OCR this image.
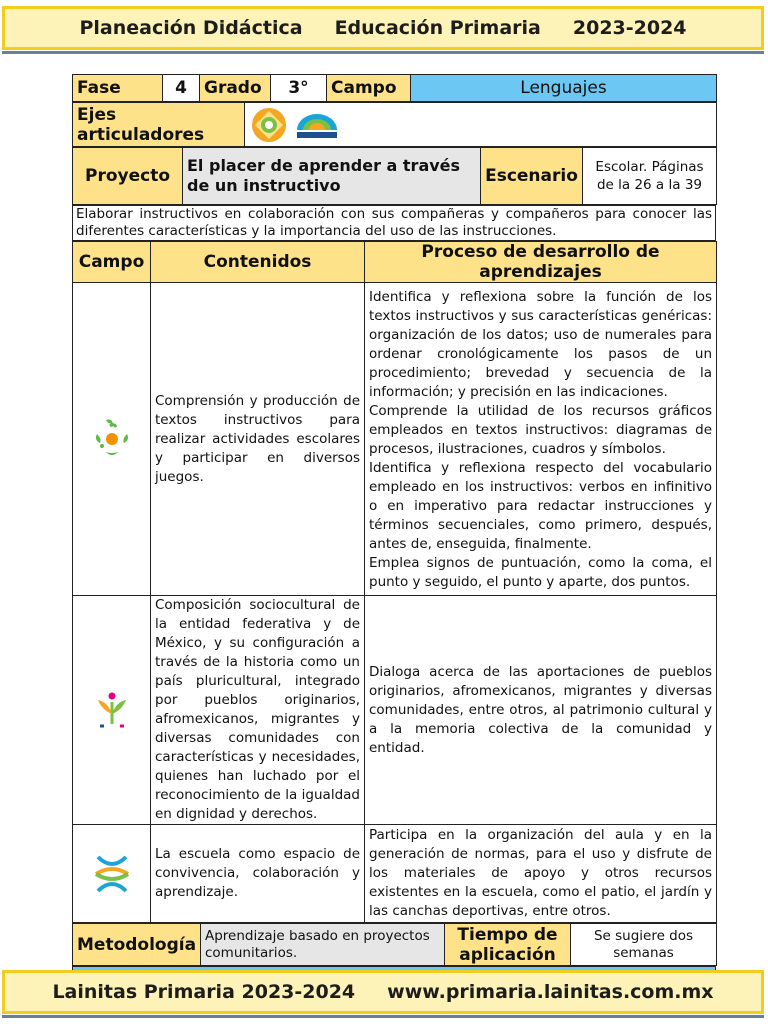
Planeación Didáctica Educación Primaria 2023-2024
Fase	4	Grado	3°	Campo	Lenguajes
Ejes articuladores	
Proyecto	El placer de aprender a través de un instructivo	Escenario	Escolar. Páginas de la 26 a la 39
Elaborar instructivos en colaboración con sus compañeras y compañeros para conocer las diferentes características y la importancia del uso de las instrucciones.
Campo	Contenidos	Proceso de desarrollo de aprendizajes

	Comprensión y producción de textos instructivos para realizar actividades escolares y participar en diversos juegos.	Identifica y reflexiona sobre la función de los textos instructivos y sus características genéricas: organización de los datos; uso de numerales para ordenar cronológicamente los pasos de un procedimiento; brevedad y secuencia de la información; y precisión en las indicaciones.
Comprende la utilidad de los recursos gráficos empleados en textos instructivos: diagramas de procesos, ilustraciones, cuadros y símbolos.
Identifica y reflexiona respecto del vocabulario empleado en los instructivos: verbos en infinitivo o en imperativo para redactar instrucciones y términos secuenciales, como primero, después, antes de, enseguida, finalmente.
Emplea signos de puntuación, como la coma, el punto y seguido, el punto y aparte, dos puntos.

	Composición sociocultural de la entidad federativa y de México, y su configuración a través de la historia como un país pluricultural, integrado por pueblos originarios, afromexicanos, migrantes y diversas comunidades con características y necesidades, quienes han luchado por el reconocimiento de la igualdad en dignidad y derechos.	Dialoga acerca de las aportaciones de pueblos originarios, afromexicanos, migrantes y diversas comunidades, entre otros, al patrimonio cultural y a la memoria colectiva de la comunidad y entidad.

	La escuela como espacio de convivencia, colaboración y aprendizaje.	Participa en la organización del aula y en la generación de normas, para el uso y disfrute de los materiales de apoyo y otros recursos existentes en la escuela, como el patio, el jardín y las canchas deportivas, entre otros.
Metodología	Aprendizaje basado en proyectos comunitarios.	Tiempo de aplicación	Se sugiere dos semanas
Lainitas Primaria 2023-2024 www.primaria.lainitas.com.mx
